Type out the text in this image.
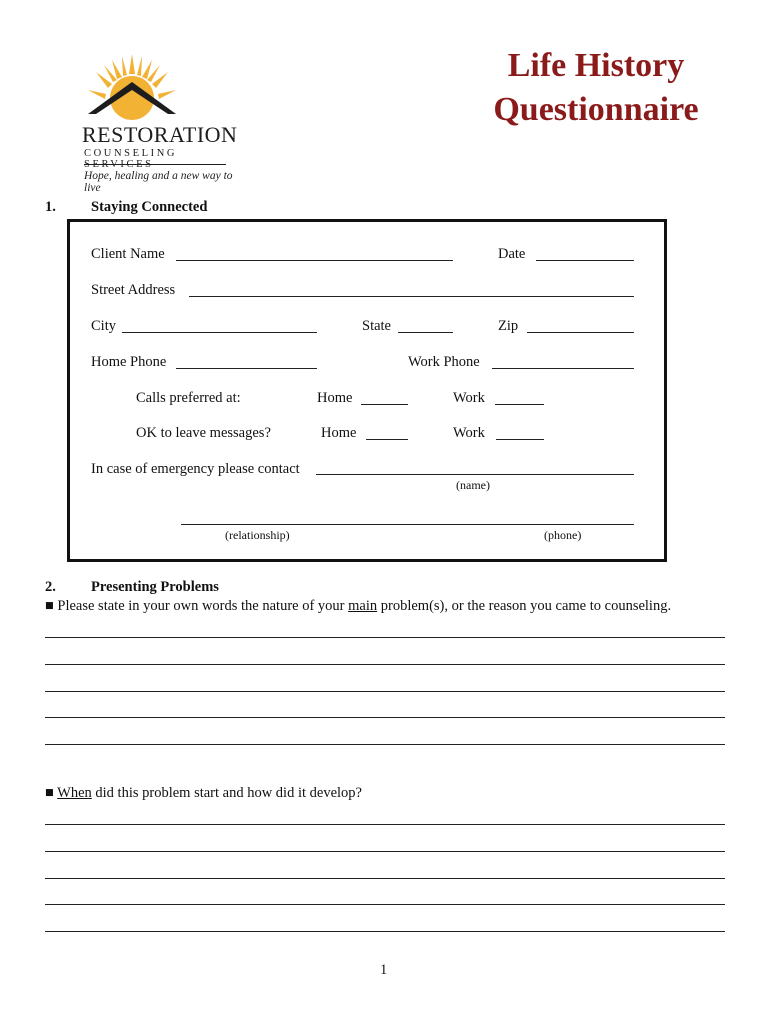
RESTORATION
COUNSELING SERVICES
Hope, healing and a new way to live
Life History
Questionnaire
1. Staying Connected
Client Name	Date
Street Address
City	State	Zip
Home Phone	Work Phone
Calls preferred at:	Home	Work
OK to leave messages?	Home	Work
In case of emergency please contact
(name)
(relationship)	(phone)
2. Presenting Problems
■ Please state in your own words the nature of your main problem(s), or the reason you came to counseling.
■ When did this problem start and how did it develop?
1
